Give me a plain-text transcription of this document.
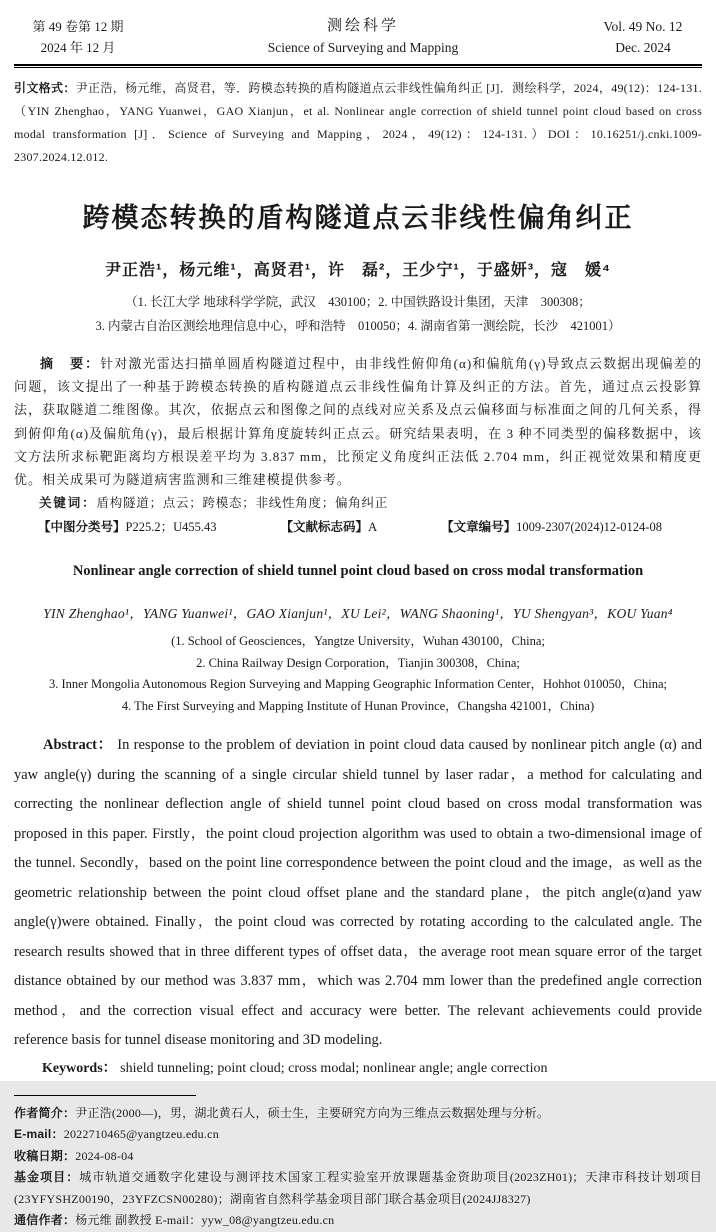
第 49 卷第 12 期
2024 年 12 月
测绘科学
Science of Surveying and Mapping
Vol. 49 No. 12
Dec. 2024

引文格式：尹正浩，杨元维，高贤君，等．跨模态转换的盾构隧道点云非线性偏角纠正 [J]．测绘科学，2024，49(12)：124-131.（YIN Zhenghao，YANG Yuanwei，GAO Xianjun，et al. Nonlinear angle correction of shield tunnel point cloud based on cross modal transformation [J]．Science of Surveying and Mapping，2024，49(12)：124-131.）DOI：10.16251/j.cnki.1009-2307.2024.12.012.

跨模态转换的盾构隧道点云非线性偏角纠正
尹正浩¹，杨元维¹，高贤君¹，许　磊²，王少宁¹，于盛妍³，寇　媛⁴
（1. 长江大学 地球科学学院，武汉　430100；2. 中国铁路设计集团，天津　300308；
3. 内蒙古自治区测绘地理信息中心，呼和浩特　010050；4. 湖南省第一测绘院，长沙　421001）

摘　要：针对激光雷达扫描单圆盾构隧道过程中，由非线性俯仰角(α)和偏航角(γ)导致点云数据出现偏差的问题，该文提出了一种基于跨模态转换的盾构隧道点云非线性偏角计算及纠正的方法。首先，通过点云投影算法，获取隧道二维图像。其次，依据点云和图像之间的点线对应关系及点云偏移面与标准面之间的几何关系，得到俯仰角(α)及偏航角(γ)，最后根据计算角度旋转纠正点云。研究结果表明，在 3 种不同类型的偏移数据中，该文方法所求标靶距离均方根误差平均为 3.837 mm，比预定义角度纠正法低 2.704 mm，纠正视觉效果和精度更优。相关成果可为隧道病害监测和三维建模提供参考。

关键词：盾构隧道；点云；跨模态；非线性角度；偏角纠正

【中图分类号】P225.2；U455.43	【文献标志码】A	【文章编号】1009-2307(2024)12-0124-08
Nonlinear angle correction of shield tunnel point cloud based on cross modal transformation
YIN Zhenghao¹，YANG Yuanwei¹，GAO Xianjun¹，XU Lei²，WANG Shaoning¹，YU Shengyan³，KOU Yuan⁴
(1. School of Geosciences，Yangtze University，Wuhan 430100，China;
2. China Railway Design Corporation，Tianjin 300308，China;
3. Inner Mongolia Autonomous Region Surveying and Mapping Geographic Information Center，Hohhot 010050，China;
4. The First Surveying and Mapping Institute of Hunan Province，Changsha 421001，China)

Abstract： In response to the problem of deviation in point cloud data caused by nonlinear pitch angle (α) and yaw angle(γ) during the scanning of a single circular shield tunnel by laser radar，a method for calculating and correcting the nonlinear deflection angle of shield tunnel point cloud based on cross modal transformation was proposed in this paper. Firstly，the point cloud projection algorithm was used to obtain a two-dimensional image of the tunnel. Secondly，based on the point line correspondence between the point cloud and the image，as well as the geometric relationship between the point cloud offset plane and the standard plane，the pitch angle(α)and yaw angle(γ)were obtained. Finally，the point cloud was corrected by rotating according to the calculated angle. The research results showed that in three different types of offset data，the average root mean square error of the target distance obtained by our method was 3.837 mm，which was 2.704 mm lower than the predefined angle correction method，and the correction visual effect and accuracy were better. The relevant achievements could provide reference basis for tunnel disease monitoring and 3D modeling.

Keywords： shield tunneling; point cloud; cross modal; nonlinear angle; angle correction

作者简介：尹正浩(2000—)，男，湖北黄石人，硕士生，主要研究方向为三维点云数据处理与分析。

E-mail：2022710465@yangtzeu.edu.cn

收稿日期：2024-08-04

基金项目：城市轨道交通数字化建设与测评技术国家工程实验室开放课题基金资助项目(2023ZH01)；天津市科技计划项目(23YFYSHZ00190，23YFZCSN00280)；湖南省自然科学基金项目部门联合基金项目(2024JJ8327)

通信作者：杨元维 副教授 E-mail：yyw_08@yangtzeu.edu.cn
